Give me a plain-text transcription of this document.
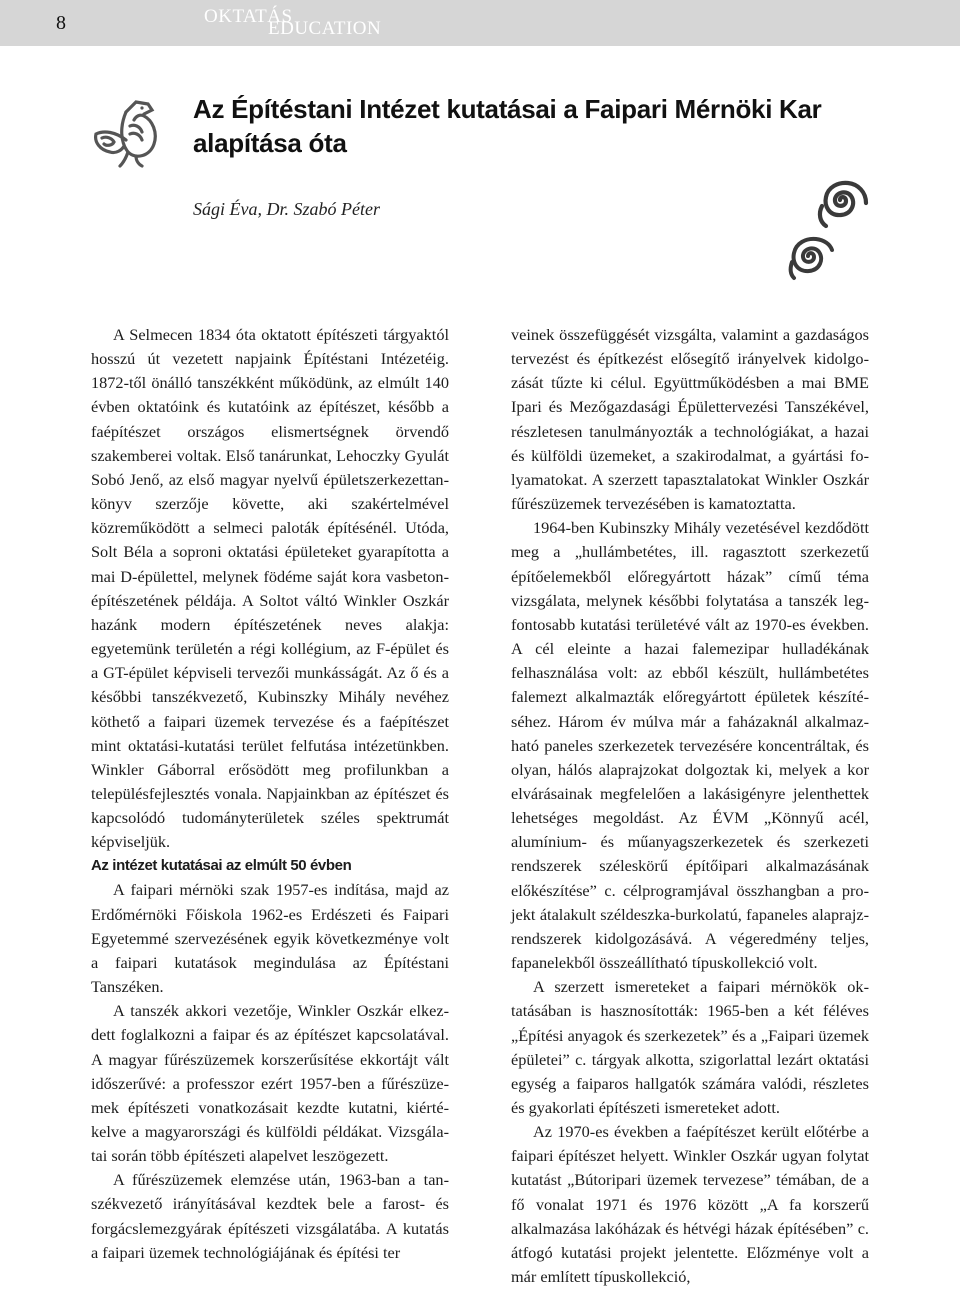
8	EDUCATION
OKTATÁS
Az Építéstani Intézet kutatásai a Faipari Mérnöki Kar alapítása óta
Sági Éva, Dr. Szabó Péter

A Selmecen 1834 óta oktatott építészeti tárgyaktól hosszú út vezetett napjaink Építéstani Intézetéig. 1872-től önálló tanszékként működünk, az elmúlt 140 évben oktatóink és kutatóink az építészet, később a faépítészet országos elismertségnek örvendő szakemberei voltak. Első tanárunkat, Lehoczky Gyulát Sobó Jenő, az első magyar nyelvű épületszerkezettan-könyv szerzője követte, aki szakértelmével közreműködött a selmeci paloták építésénél. Utóda, Solt Béla a soproni oktatási épületeket gyarapította a mai D-épülettel, melynek födéme saját kora vasbeton-építészetének példája. A Soltot váltó Winkler Oszkár hazánk modern építészetének neves alakja: egyetemünk területén a régi kollégium, az F-épület és a GT-épület képviseli tervezői munkásságát. Az ő és a későbbi tanszékvezető, Kubinszky Mihály nevéhez köthető a faipari üzemek tervezése és a faépítészet mint oktatási-kutatási terület felfutása intézetünkben. Winkler Gáborral erősödött meg profilunkban a településfejlesztés vonala. Napjainkban az építészet és kapcsolódó tudományterületek széles spektrumát képviseljük.

Az intézet kutatásai az elmúlt 50 évben

A faipari mérnöki szak 1957-es indítása, majd az Erdőmérnöki Főiskola 1962-es Erdészeti és Faipari Egyetemmé szervezésének egyik következménye volt a faipari kutatások megindulása az Építéstani Tanszéken.

A tanszék akkori vezetője, Winkler Oszkár elkezdett foglalkozni a faipar és az építészet kapcsolatával. A magyar fűrészüzemek korszerűsítése ekkortájt vált időszerűvé: a professzor ezért 1957-ben a fűrészüzemek építészeti vonatkozásait kezdte kutatni, kiértékelve a magyarországi és külföldi példákat. Vizsgálatai során több építészeti alapelvet leszögezett.

A fűrészüzemek elemzése után, 1963-ban a tanszékvezető irányításával kezdtek bele a farost- és forgácslemezgyárak építészeti vizsgálatába. A kutatás a faipari üzemek technológiájának és építési ter

veinek összefüggését vizsgálta, valamint a gazdaságos tervezést és építkezést elősegítő irányelvek kidolgozását tűzte ki célul. Együttműködésben a mai BME Ipari és Mezőgazdasági Épülettervezési Tanszékével, részletesen tanulmányozták a technológiákat, a hazai és külföldi üzemeket, a szakirodalmat, a gyártási folyamatokat. A szerzett tapasztalatokat Winkler Oszkár fűrészüzemek tervezésében is kamatoztatta.

1964-ben Kubinszky Mihály vezetésével kezdődött meg a „hullámbetétes, ill. ragasztott szerkezetű építőelemekből előregyártott házak” című téma vizsgálata, melynek későbbi folytatása a tanszék legfontosabb kutatási területévé vált az 1970-es években. A cél eleinte a hazai falemezipar hulladékának felhasználása volt: az ebből készült, hullámbetétes falemezt alkalmazták előregyártott épületek készítéséhez. Három év múlva már a faházaknál alkalmazható paneles szerkezetek tervezésére koncentráltak, és olyan, hálós alaprajzokat dolgoztak ki, melyek a kor elvárásainak megfelelően a lakásigényre jelenthettek lehetséges megoldást. Az ÉVM „Könnyű acél, alumínium- és műanyagszerkezetek és szerkezeti rendszerek széleskörű építőipari alkalmazásának előkészítése” c. célprogramjával összhangban a projekt átalakult széldeszka-burkolatú, fapaneles alaprajz-rendszerek kidolgozásává. A végeredmény teljes, fapanelekből összeállítható típuskollekció volt.

A szerzett ismereteket a faipari mérnökök oktatásában is hasznosították: 1965-ben a két féléves „Építési anyagok és szerkezetek” és a „Faipari üzemek épületei” c. tárgyak alkotta, szigorlattal lezárt oktatási egység a faiparos hallgatók számára valódi, részletes és gyakorlati építészeti ismereteket adott.

Az 1970-es években a faépítészet került előtérbe a faipari építészet helyett. Winkler Oszkár ugyan folytat kutatást „Bútoripari üzemek tervezese” témában, de a fő vonalat 1971 és 1976 között „A fa korszerű alkalmazása lakóházak és hétvégi házak építésében” c. átfogó kutatási projekt jelentette. Előzménye volt a már említett típuskollekció,
